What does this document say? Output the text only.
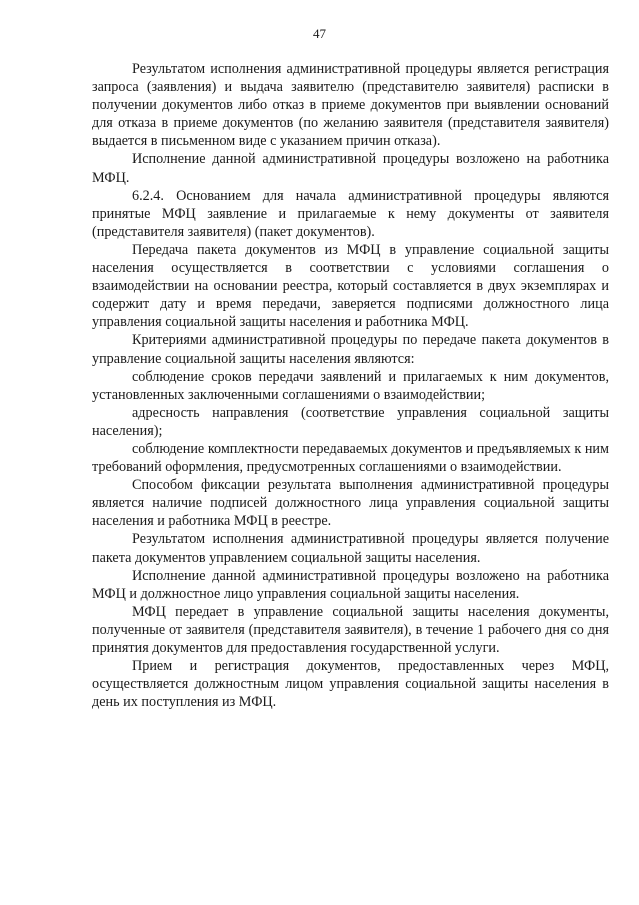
47

Результатом исполнения административной процедуры является регистрация запроса (заявления) и выдача заявителю (представителю заявителя) расписки в получении документов либо отказ в приеме документов при выявлении оснований для отказа в приеме документов (по желанию заявителя (представителя заявителя) выдается в письменном виде с указанием причин отказа).

Исполнение данной административной процедуры возложено на работника МФЦ.

6.2.4. Основанием для начала административной процедуры являются принятые МФЦ заявление и прилагаемые к нему документы от заявителя (представителя заявителя) (пакет документов).

Передача пакета документов из МФЦ в управление социальной защиты населения осуществляется в соответствии с условиями соглашения о взаимодействии на основании реестра, который составляется в двух экземплярах и содержит дату и время передачи, заверяется подписями должностного лица управления социальной защиты населения и работника МФЦ.

Критериями административной процедуры по передаче пакета документов в управление социальной защиты населения являются:

соблюдение сроков передачи заявлений и прилагаемых к ним документов, установленных заключенными соглашениями о взаимодействии;

адресность направления (соответствие управления социальной защиты населения);

соблюдение комплектности передаваемых документов и предъявляемых к ним требований оформления, предусмотренных соглашениями о взаимодействии.

Способом фиксации результата выполнения административной процедуры является наличие подписей должностного лица управления социальной защиты населения и работника МФЦ в реестре.

Результатом исполнения административной процедуры является получение пакета документов управлением социальной защиты населения.

Исполнение данной административной процедуры возложено на работника МФЦ и должностное лицо управления социальной защиты населения.

МФЦ передает в управление социальной защиты населения документы, полученные от заявителя (представителя заявителя), в течение 1 рабочего дня со дня принятия документов для предоставления государственной услуги.

Прием и регистрация документов, предоставленных через МФЦ, осуществляется должностным лицом управления социальной защиты населения в день их поступления из МФЦ.
